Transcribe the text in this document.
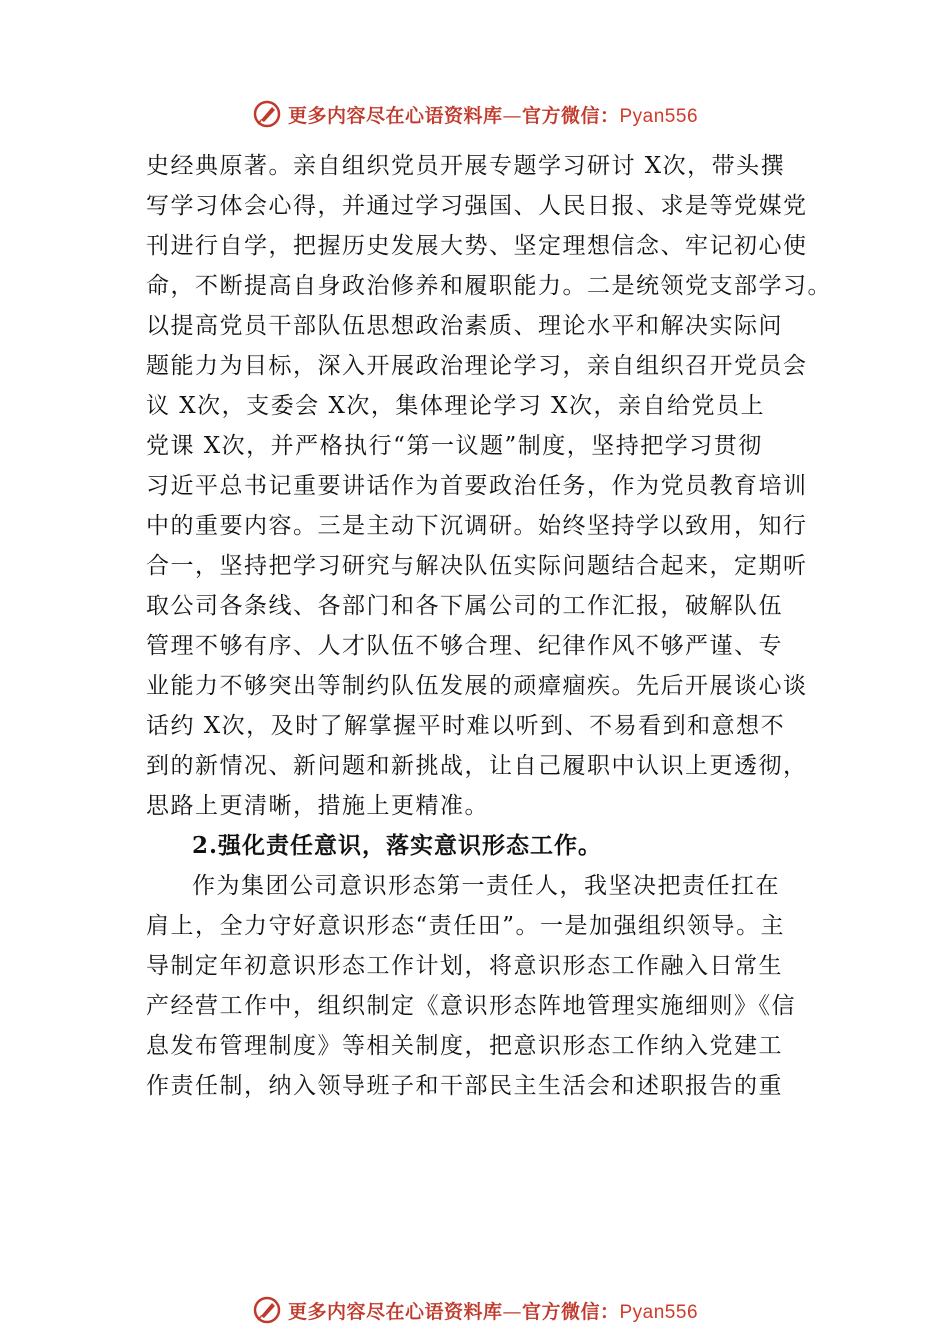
更多内容尽在心语资料库—官方微信：Pyan556
史经典原著。亲自组织党员开展专题学习研讨 X次，带头撰
写学习体会心得，并通过学习强国、人民日报、求是等党媒党
刊进行自学，把握历史发展大势、坚定理想信念、牢记初心使
命，不断提高自身政治修养和履职能力。二是统领党支部学习。
以提高党员干部队伍思想政治素质、理论水平和解决实际问
题能力为目标，深入开展政治理论学习，亲自组织召开党员会
议 X次，支委会 X次，集体理论学习 X次，亲自给党员上
党课 X次，并严格执行“第一议题”制度，坚持把学习贯彻
习近平总书记重要讲话作为首要政治任务，作为党员教育培训
中的重要内容。三是主动下沉调研。始终坚持学以致用，知行
合一，坚持把学习研究与解决队伍实际问题结合起来，定期听
取公司各条线、各部门和各下属公司的工作汇报，破解队伍
管理不够有序、人才队伍不够合理、纪律作风不够严谨、专
业能力不够突出等制约队伍发展的顽瘴痼疾。先后开展谈心谈
话约 X次，及时了解掌握平时难以听到、不易看到和意想不
到的新情况、新问题和新挑战，让自己履职中认识上更透彻，
思路上更清晰，措施上更精准。
2.强化责任意识，落实意识形态工作。
作为集团公司意识形态第一责任人，我坚决把责任扛在
肩上，全力守好意识形态“责任田”。一是加强组织领导。主
导制定年初意识形态工作计划，将意识形态工作融入日常生
产经营工作中，组织制定《意识形态阵地管理实施细则》《信
息发布管理制度》等相关制度，把意识形态工作纳入党建工
作责任制，纳入领导班子和干部民主生活会和述职报告的重
更多内容尽在心语资料库—官方微信：Pyan556
